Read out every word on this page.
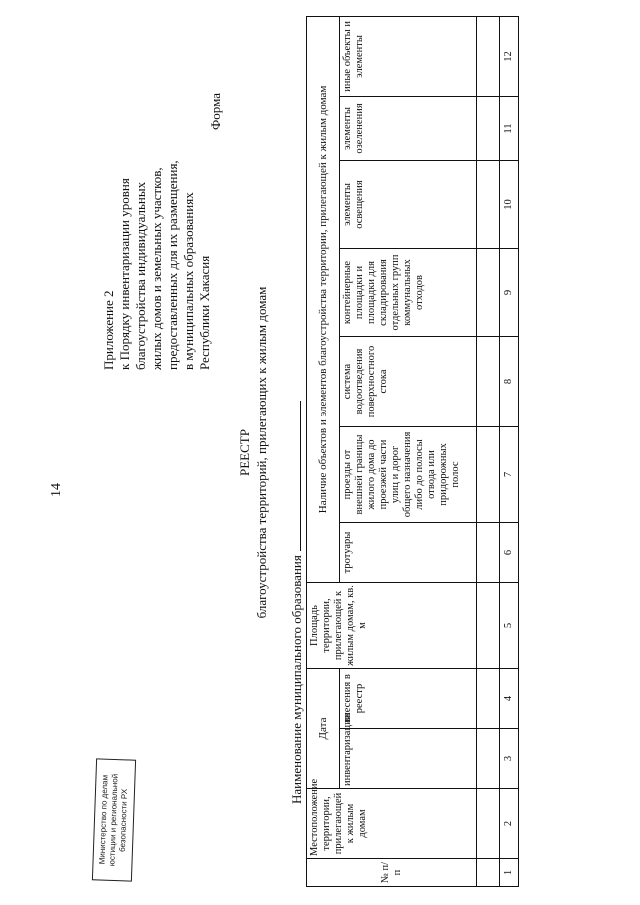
14
Приложение 2 к Порядку инвентаризации уровня благоустройства индивидуальных жилых домов и земельных участков, предоставленных для их размещения, в муниципальных образованиях Республики Хакасия
Форма
Министерство по делам
юстиции и региональной
безопасности РХ
РЕЕСТР благоустройства территорий, прилегающих к жилым домам
Наименование муниципального образования
№ п/п	Местоположение территории, прилегающей к жилым домам	Дата		Площадь территории, прилегающей к жилым домам, кв. м	Наличие объектов и элементов благоустройства территории, прилегающей к жилым домам						
		инвентаризации	внесения в реестр		тротуары	проезды от внешней границы жилого дома до проезжей части улиц и дорог общего назначения либо до полосы отвода или придорожных полос	система водоотведения поверхностного стока	контейнерные площадки и площадки для складирования отдельных групп коммунальных отходов	элементы освещения	элементы озеленения	иные объекты и элементы

1	2	3	4	5	6	7	8	9	10	11	12
